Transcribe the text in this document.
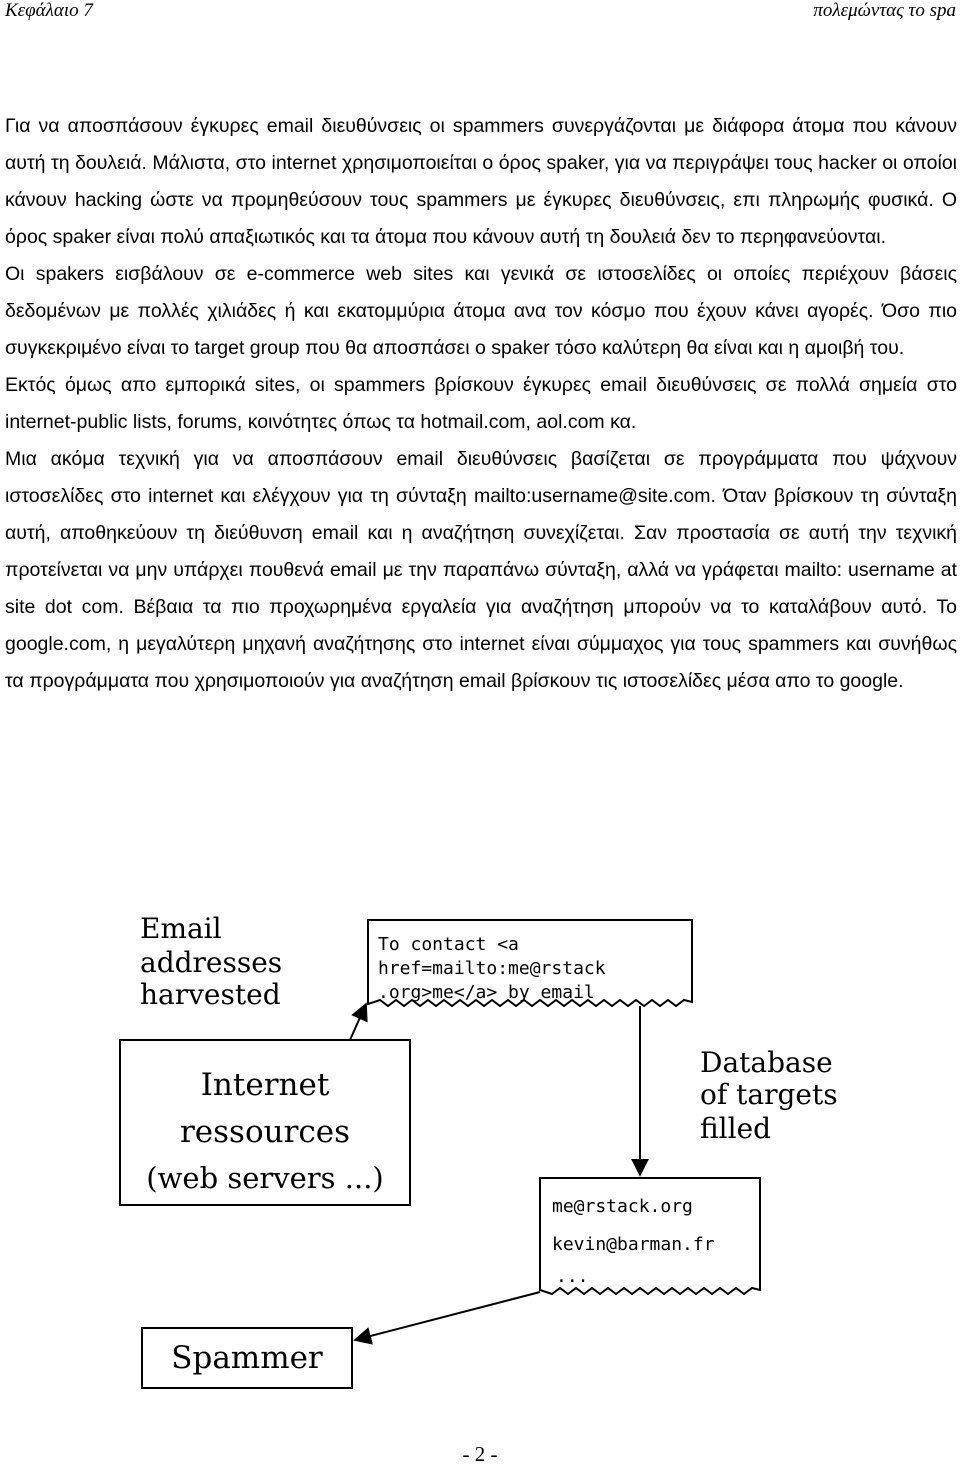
Κεφάλαιο 7	πολεμώντας το spa

Για να αποσπάσουν έγκυρες email διευθύνσεις οι spammers συνεργάζονται με διάφορα άτομα που κάνουν αυτή τη δουλειά. Μάλιστα, στο internet χρησιμοποιείται ο όρος spaker, για να περιγράψει τους hacker οι οποίοι κάνουν hacking ώστε να προμηθεύσουν τους spammers με έγκυρες διευθύνσεις, επι πληρωμής φυσικά. Ο όρος spaker είναι πολύ απαξιωτικός και τα άτομα που κάνουν αυτή τη δουλειά δεν το περηφανεύονται.

Οι spakers εισβάλουν σε e-commerce web sites και γενικά σε ιστοσελίδες οι οποίες περιέχουν βάσεις δεδομένων με πολλές χιλιάδες ή και εκατομμύρια άτομα ανα τον κόσμο που έχουν κάνει αγορές. Όσο πιο συγκεκριμένο είναι το target group που θα αποσπάσει ο spaker τόσο καλύτερη θα είναι και η αμοιβή του.

Εκτός όμως απο εμπορικά sites, οι spammers βρίσκουν έγκυρες email διευθύνσεις σε πολλά σημεία στο internet-public lists, forums, κοινότητες όπως τα hotmail.com, aol.com κα.

Μια ακόμα τεχνική για να αποσπάσουν email διευθύνσεις βασίζεται σε προγράμματα που ψάχνουν ιστοσελίδες στο internet και ελέγχουν για τη σύνταξη mailto:username@site.com. Όταν βρίσκουν τη σύνταξη αυτή, αποθηκεύουν τη διεύθυνση email και η αναζήτηση συνεχίζεται. Σαν προστασία σε αυτή την τεχνική προτείνεται να μην υπάρχει πουθενά email με την παραπάνω σύνταξη, αλλά να γράφεται mailto: username at site dot com. Βέβαια τα πιο προχωρημένα εργαλεία για αναζήτηση μπορούν να το καταλάβουν αυτό. Το google.com, η μεγαλύτερη μηχανή αναζήτησης στο internet είναι σύμμαχος για τους spammers και συνήθως τα προγράμματα που χρησιμοποιούν για αναζήτηση email βρίσκουν τις ιστοσελίδες μέσα απο το google.

Email
addresses
harvested
To contact <a
href=mailto:me@rstack
.org>me</a> by email
Internet
ressources
(web servers ...)
Database
of targets
filled
me@rstack.org
kevin@barman.fr
...
Spammer
- 2 -
